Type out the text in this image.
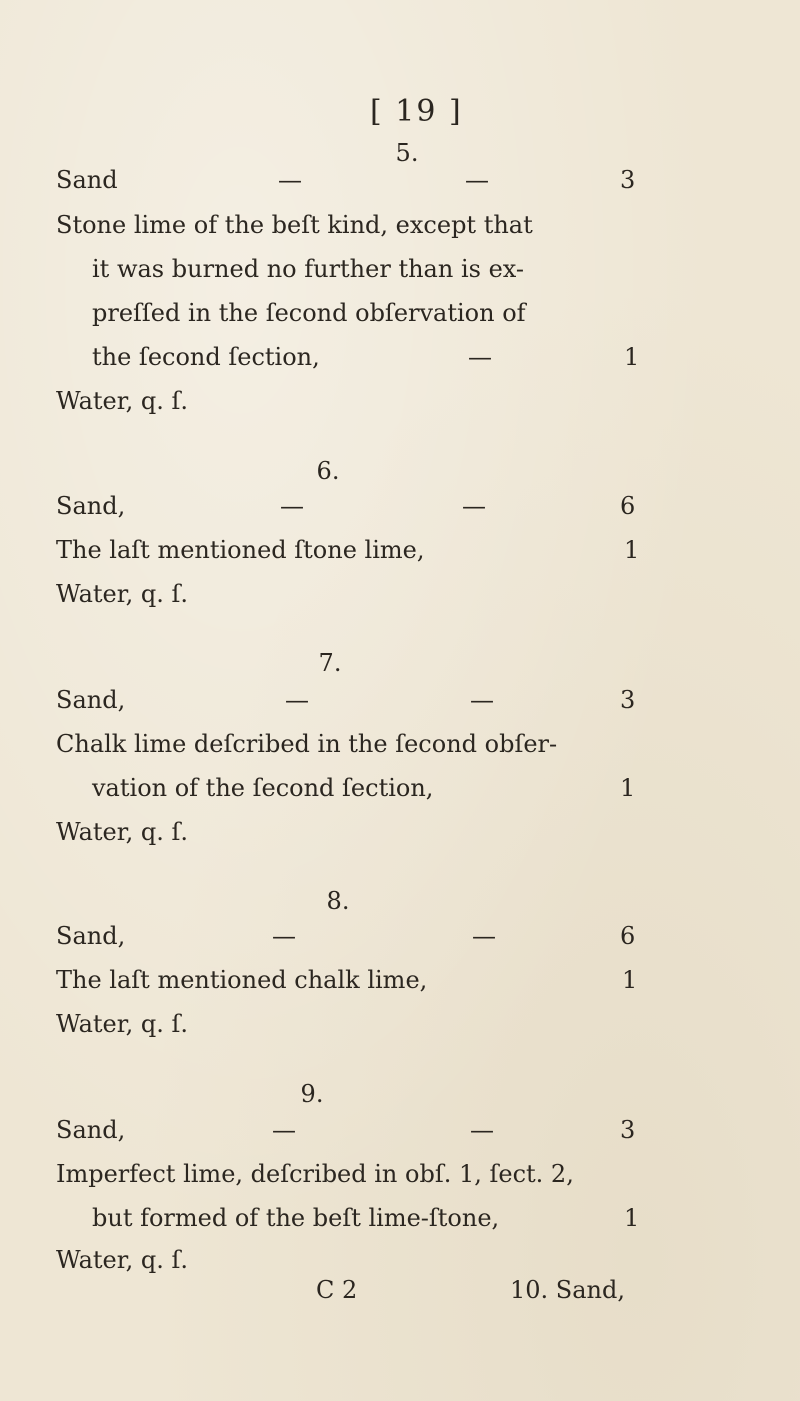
[ 19 ]
5.
Sand	—	—	3
Stone lime of the beſt kind, except that
it was burned no further than is ex-
preſſed in the ſecond obſervation of
the ſecond ſection,	—	1
Water, q. ſ.
6.
Sand,	—	—	6
The laſt mentioned ſtone lime,	1
Water, q. ſ.
7.
Sand,	—	—	3
Chalk lime deſcribed in the ſecond obſer-
vation of the ſecond ſection,	1
Water, q. ſ.
8.
Sand,	—	—	6
The laſt mentioned chalk lime,	1
Water, q. ſ.
9.
Sand,	—	—	3
Imperfect lime, deſcribed in obſ. 1, ſect. 2,
but formed of the beſt lime-ſtone,	1
Water, q. ſ.
C 2	10. Sand,
